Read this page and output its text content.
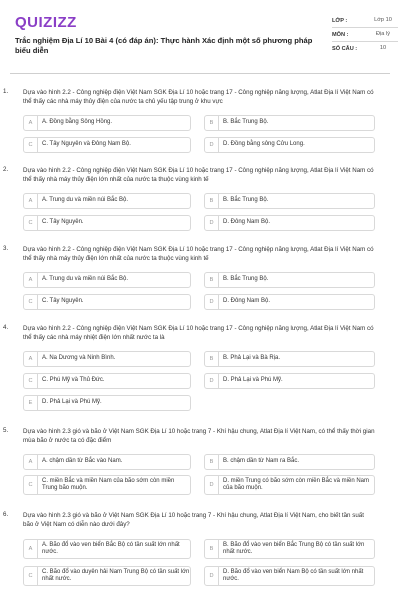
QUIZIZZ
Trắc nghiệm Địa Lí 10 Bài 4 (có đáp án): Thực hành Xác định một số phương pháp biểu diễn
LỚP :	Lớp 10
MÔN :	Địa lý
SỐ CÂU :	10
1. Dựa vào hình 2.2 - Công nghiệp điện Việt Nam SGK Địa Lí 10 hoặc trang 17 - Công nghiệp năng lượng, Atlat Địa lí Việt Nam có thể thấy các nhà máy thủy điện của nước ta chủ yếu tập trung ở khu vực
A	A. Đồng bằng Sông Hồng.	B	B. Bắc Trung Bộ.
C	C. Tây Nguyên và Đông Nam Bộ.	D	D. Đồng bằng sông Cửu Long.
2. Dựa vào hình 2.2 - Công nghiệp điện Việt Nam SGK Địa Lí 10 hoặc trang 17 - Công nghiệp năng lượng, Atlat Địa lí Việt Nam có thể thấy nhà máy thủy điện lớn nhất của nước ta thuộc vùng kinh tế
A	A. Trung du và miền núi Bắc Bộ.	B	B. Bắc Trung Bộ.
C	C. Tây Nguyên.	D	D. Đông Nam Bộ.
3. Dựa vào hình 2.2 - Công nghiệp điện Việt Nam SGK Địa Lí 10 hoặc trang 17 - Công nghiệp năng lượng, Atlat Địa lí Việt Nam có thể thấy nhà máy thủy điện lớn nhất của nước ta thuộc vùng kinh tế
A	A. Trung du và miền núi Bắc Bộ.	B	B. Bắc Trung Bộ.
C	C. Tây Nguyên.	D	D. Đông Nam Bộ.
4. Dựa vào hình 2.2 - Công nghiệp điện Việt Nam SGK Địa Lí 10 hoặc trang 17 - Công nghiệp năng lượng, Atlat Địa lí Việt Nam có thể thấy các nhà máy nhiệt điện lớn nhất nước ta là
A	A. Na Dương và Ninh Bình.	B	B. Phả Lại và Bà Rịa.
C	C. Phú Mỹ và Thủ Đức.	D	D. Phả Lại và Phú Mỹ.
E	D. Phả Lại và Phú Mỹ.
5. Dựa vào hình 2.3 gió và bão ở Việt Nam SGK Địa Lí 10 hoặc trang 7 - Khí hậu chung, Atlat Địa lí Việt Nam, có thể thấy thời gian mùa bão ở nước ta có đặc điểm
A	A. chậm dần từ Bắc vào Nam.	B	B. chậm dần từ Nam ra Bắc.
C
C. miền Bắc và miền Nam của bão sớm còn miền Trung bão muộn.	D
D. miền Trung có bão sớm còn miền Bắc và miền Nam của bão muộn.
6. Dựa vào hình 2.3 gió và bão ở Việt Nam SGK Địa Lí 10 hoặc trang 7 - Khí hậu chung, Atlat Địa lí Việt Nam, cho biết tần suất bão ở Việt Nam có diễn nào dưới đây?
A
A. Bão đổ vào ven biển Bắc Bộ có tần suất lớn nhất nước.	B
B. Bão đổ vào ven biển Bắc Trung Bộ có tần suất lớn nhất nước.
C
C. Bão đổ vào duyên hải Nam Trung Bộ có tần suất lớn nhất nước.	D
D. Bão đổ vào ven biển Nam Bộ có tần suất lớn nhất nước.
